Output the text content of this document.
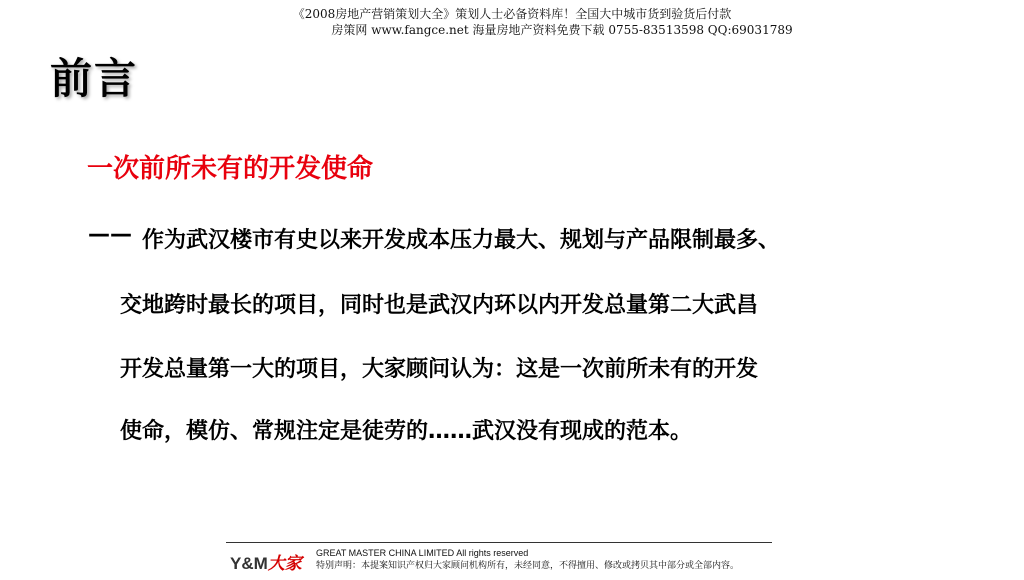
《2008房地产营销策划大全》策划人士必备资料库！全国大中城市货到验货后付款
房策网 www.fangce.net 海量房地产资料免费下载 0755-83513598 QQ:69031789
前言
一次前所未有的开发使命
—— 作为武汉楼市有史以来开发成本压力最大、规划与产品限制最多、
交地跨时最长的项目，同时也是武汉内环以内开发总量第二大武昌
开发总量第一大的项目，大家顾问认为：这是一次前所未有的开发
使命，模仿、常规注定是徒劳的……武汉没有现成的范本。
Y&M大家
GREAT MASTER CHINA LIMITED All rights reserved
特别声明：本提案知识产权归大家顾问机构所有，未经同意，不得擅用、修改或拷贝其中部分或全部内容。
